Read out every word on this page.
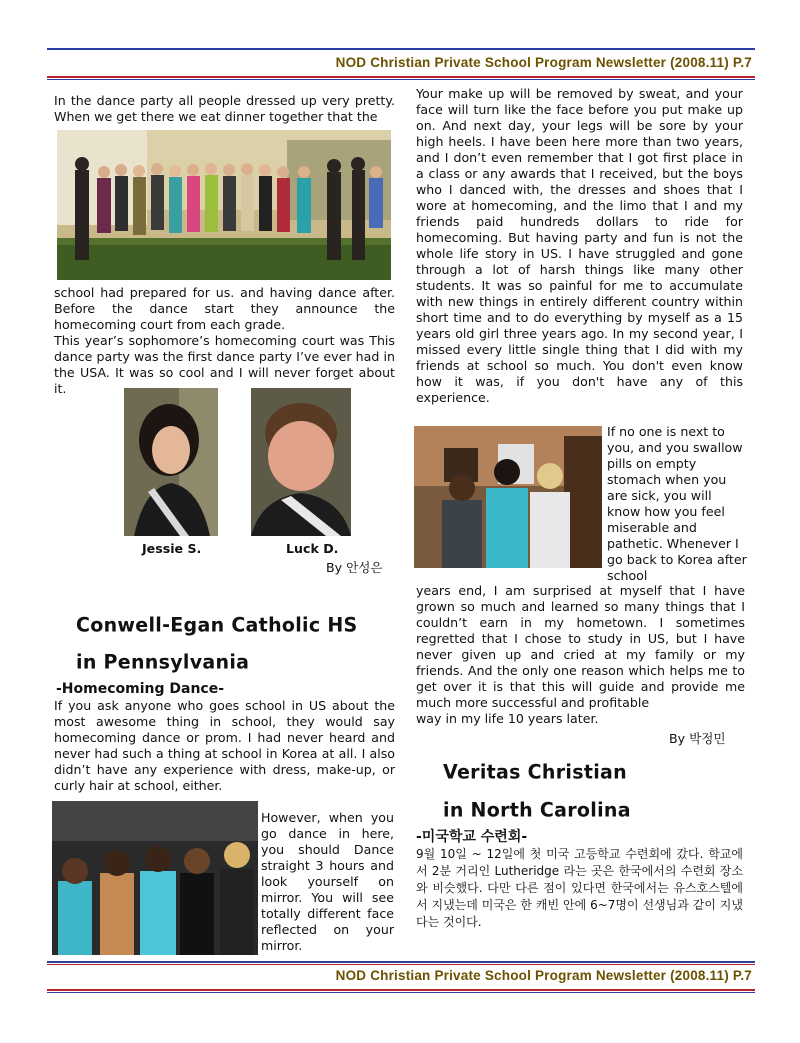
NOD Christian Private School Program Newsletter (2008.11) P.7

In the dance party all people dressed up very pretty. When we get there we eat dinner together that the

school had prepared for us. and having dance after. Before the dance start they announce the homecoming court from each grade.

This year’s sophomore’s homecoming court was This dance party was the first dance party I’ve ever had in the USA. It was so cool and I will never forget about it.

Jessie S.	Luck D.
By 안성은
Conwell-Egan Catholic HS
in Pennsylvania
-Homecoming Dance-

If you ask anyone who goes school in US about the most awesome thing in school, they would say homecoming dance or prom. I had never heard and never had such a thing at school in Korea at all. I also didn’t have any experience with dress, make-up, or curly hair at school, either.

However, when you go dance in here, you should Dance straight 3 hours and look yourself on mirror. You will see totally different face reflected on your mirror.

Your make up will be removed by sweat, and your face will turn like the face before you put make up on. And next day, your legs will be sore by your high heels. I have been here more than two years, and I don’t even remember that I got first place in a class or any awards that I received, but the boys who I danced with, the dresses and shoes that I wore at homecoming, and the limo that I and my friends paid hundreds dollars to ride for homecoming. But having party and fun is not the whole life story in US. I have struggled and gone through a lot of harsh things like many other students. It was so painful for me to accumulate with new things in entirely different country within short time and to do everything by myself as a 15 years old girl three years ago. In my second year, I missed every little single thing that I did with my friends at school so much. You don't even know how it was, if you don't have any of this experience.

If no one is next to you, and you swallow pills on empty stomach when you are sick, you will know how you feel miserable and pathetic. Whenever I go back to Korea after school

years end, I am surprised at myself that I have grown so much and learned so many things that I couldn’t earn in my hometown. I sometimes regretted that I chose to study in US, but I have never given up and cried at my family or my friends. And the only one reason which helps me to get over it is that this will guide and provide me much more successful and profitable

way in my life 10 years later.

By 박정민
Veritas Christian
in North Carolina
-미국학교 수련회-

9월 10일 ~ 12일에 첫 미국 고등학교 수련회에 갔다. 학교에서 2분 거리인 Lutheridge 라는 곳은 한국에서의 수련회 장소와 비슷했다. 다만 다른 점이 있다면 한국에서는 유스호스텔에서 지냈는데 미국은 한 캐빈 안에 6~7명이 선생님과 같이 지냈다는 것이다.

NOD Christian Private School Program Newsletter (2008.11) P.7
